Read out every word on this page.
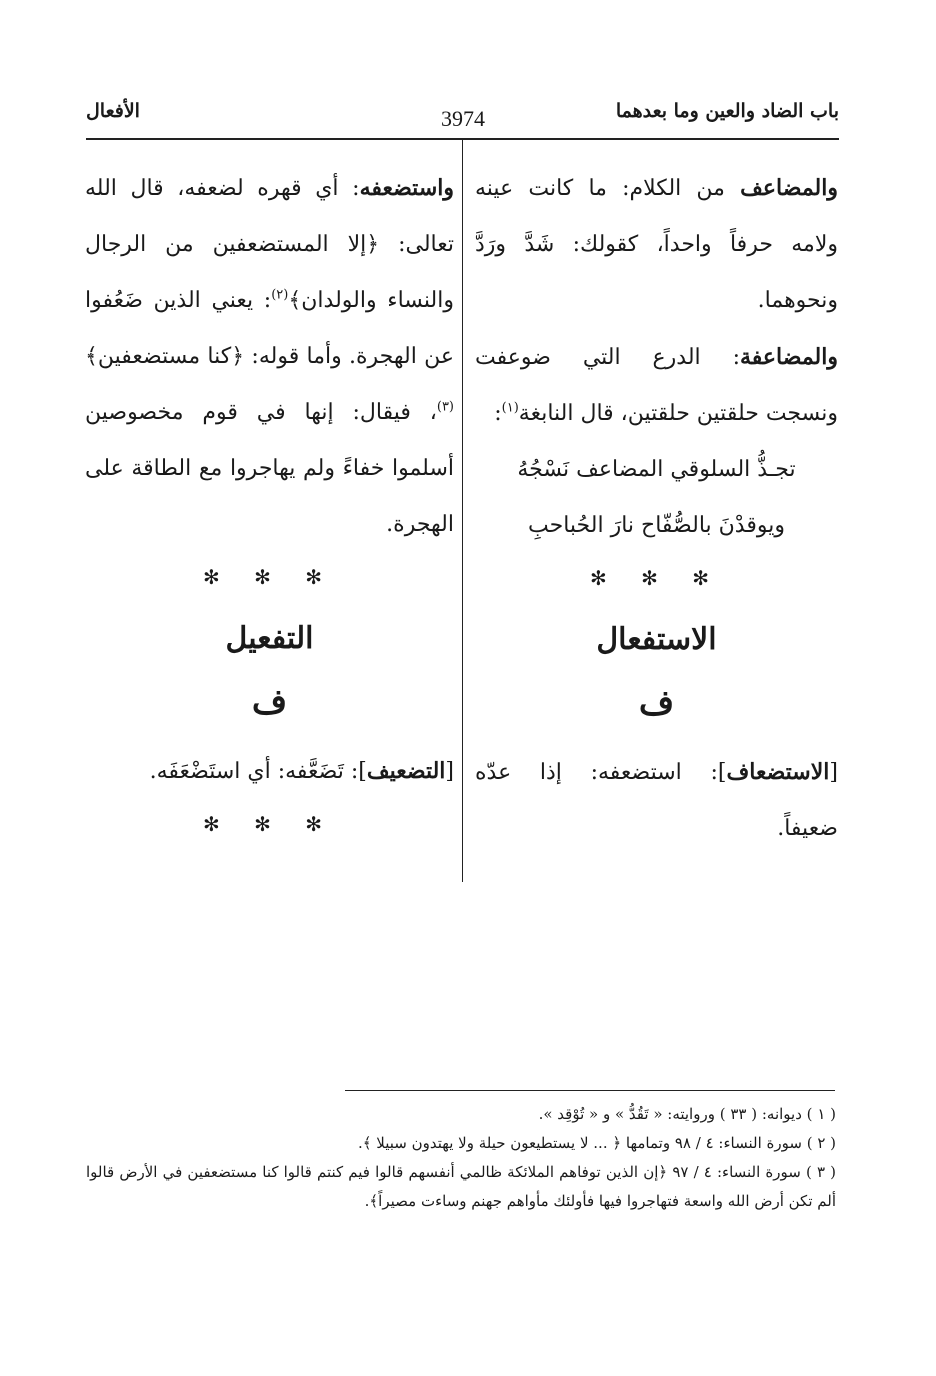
باب الضاد والعين وما بعدهما
3974
الأفعال

والمضاعف من الكلام: ما كانت عينه ولامه حرفاً واحداً، كقولك: شَدَّ ورَدَّ ونحوهما.

والمضاعفة: الدرع التي ضوعفت ونسجت حلقتين حلقتين، قال النابغة$^{(١)}$:

تجـذُّ السلوقي المضاعف نَسْجُهُ
ويوقدْنَ بالصُّفّاح نارَ الحُباحبِ
✻ ✻ ✻
الاستفعال
ف

[الاستضعاف]: استضعفه: إذا عدّه ضعيفاً.

واستضعفه: أي قهره لضعفه، قال الله تعالى: ﴿إلا المستضعفين من الرجال والنساء والولدان﴾$^{(٢)}$: يعني الذين ضَعُفوا عن الهجرة. وأما قوله: ﴿كنا مستضعفين﴾$^{(٣)}$، فيقال: إنها في قوم مخصوصين أسلموا خفاءً ولم يهاجروا مع الطاقة على الهجرة.

✻ ✻ ✻
التفعيل
ف

[التضعيف]: تَضَعَّفه: أي استَضْعَفَه.

✻ ✻ ✻

( ١ ) ديوانه: ( ٣٣ ) وروايته: « تَقُدُّ » و « تُوْقِد ».

( ٢ ) سورة النساء: ٤ / ٩٨ وتمامها ﴿ ... لا يستطيعون حيلة ولا يهتدون سبيلا ﴾.

( ٣ ) سورة النساء: ٤ / ٩٧ ﴿إن الذين توفاهم الملائكة ظالمي أنفسهم قالوا فيم كنتم قالوا كنا مستضعفين في الأرض قالوا ألم تكن أرض الله واسعة فتهاجروا فيها فأولئك مأواهم جهنم وساءت مصيراً﴾.
